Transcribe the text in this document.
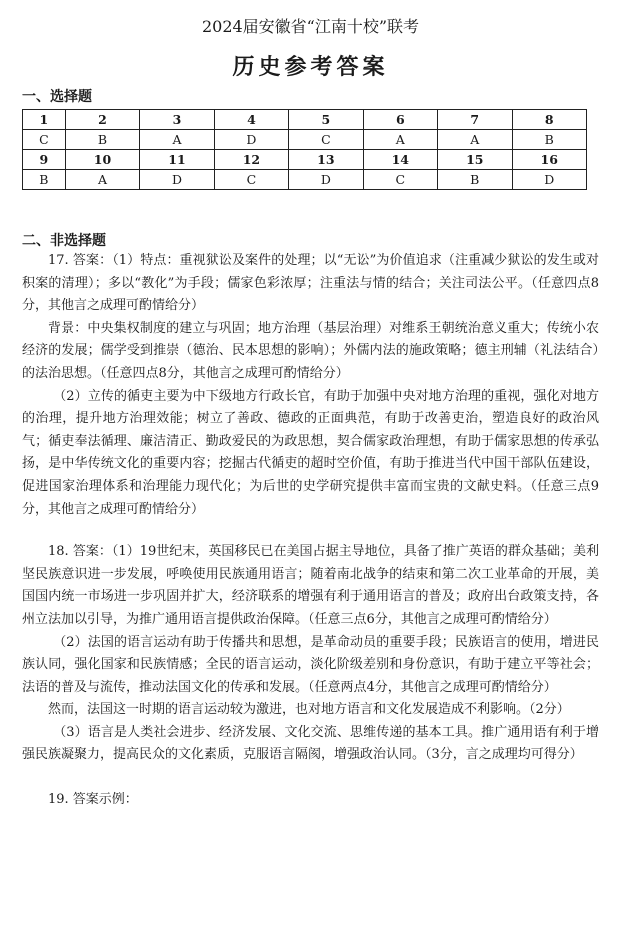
2024届安徽省“江南十校”联考
历史参考答案
一、选择题
1	2	3	4	5	6	7	8
C	B	A	D	C	A	A	B
9	10	11	12	13	14	15	16
B	A	D	C	D	C	B	D
二、非选择题

17. 答案：（1）特点：重视狱讼及案件的处理；以“无讼”为价值追求（注重减少狱讼的发生或对积案的清理）；多以“教化”为手段；儒家色彩浓厚；注重法与情的结合；关注司法公平。（任意四点8分，其他言之成理可酌情给分）

背景：中央集权制度的建立与巩固；地方治理（基层治理）对维系王朝统治意义重大；传统小农经济的发展；儒学受到推崇（德治、民本思想的影响）；外儒内法的施政策略；德主刑辅（礼法结合）的法治思想。（任意四点8分，其他言之成理可酌情给分）

（2）立传的循吏主要为中下级地方行政长官，有助于加强中央对地方治理的重视，强化对地方的治理，提升地方治理效能；树立了善政、德政的正面典范，有助于改善吏治，塑造良好的政治风气；循吏奉法循理、廉洁清正、勤政爱民的为政思想，契合儒家政治理想，有助于儒家思想的传承弘扬，是中华传统文化的重要内容；挖掘古代循吏的超时空价值，有助于推进当代中国干部队伍建设，促进国家治理体系和治理能力现代化；为后世的史学研究提供丰富而宝贵的文献史料。（任意三点9分，其他言之成理可酌情给分）

18. 答案：（1）19世纪末，英国移民已在美国占据主导地位，具备了推广英语的群众基础；美利坚民族意识进一步发展，呼唤使用民族通用语言；随着南北战争的结束和第二次工业革命的开展，美国国内统一市场进一步巩固并扩大，经济联系的增强有利于通用语言的普及；政府出台政策支持，各州立法加以引导，为推广通用语言提供政治保障。（任意三点6分，其他言之成理可酌情给分）

（2）法国的语言运动有助于传播共和思想，是革命动员的重要手段；民族语言的使用，增进民族认同，强化国家和民族情感；全民的语言运动，淡化阶级差别和身份意识，有助于建立平等社会；法语的普及与流传，推动法国文化的传承和发展。（任意两点4分，其他言之成理可酌情给分）

然而，法国这一时期的语言运动较为激进，也对地方语言和文化发展造成不利影响。（2分）

（3）语言是人类社会进步、经济发展、文化交流、思维传递的基本工具。推广通用语有利于增强民族凝聚力，提高民众的文化素质，克服语言隔阂，增强政治认同。（3分，言之成理均可得分）

19. 答案示例：
